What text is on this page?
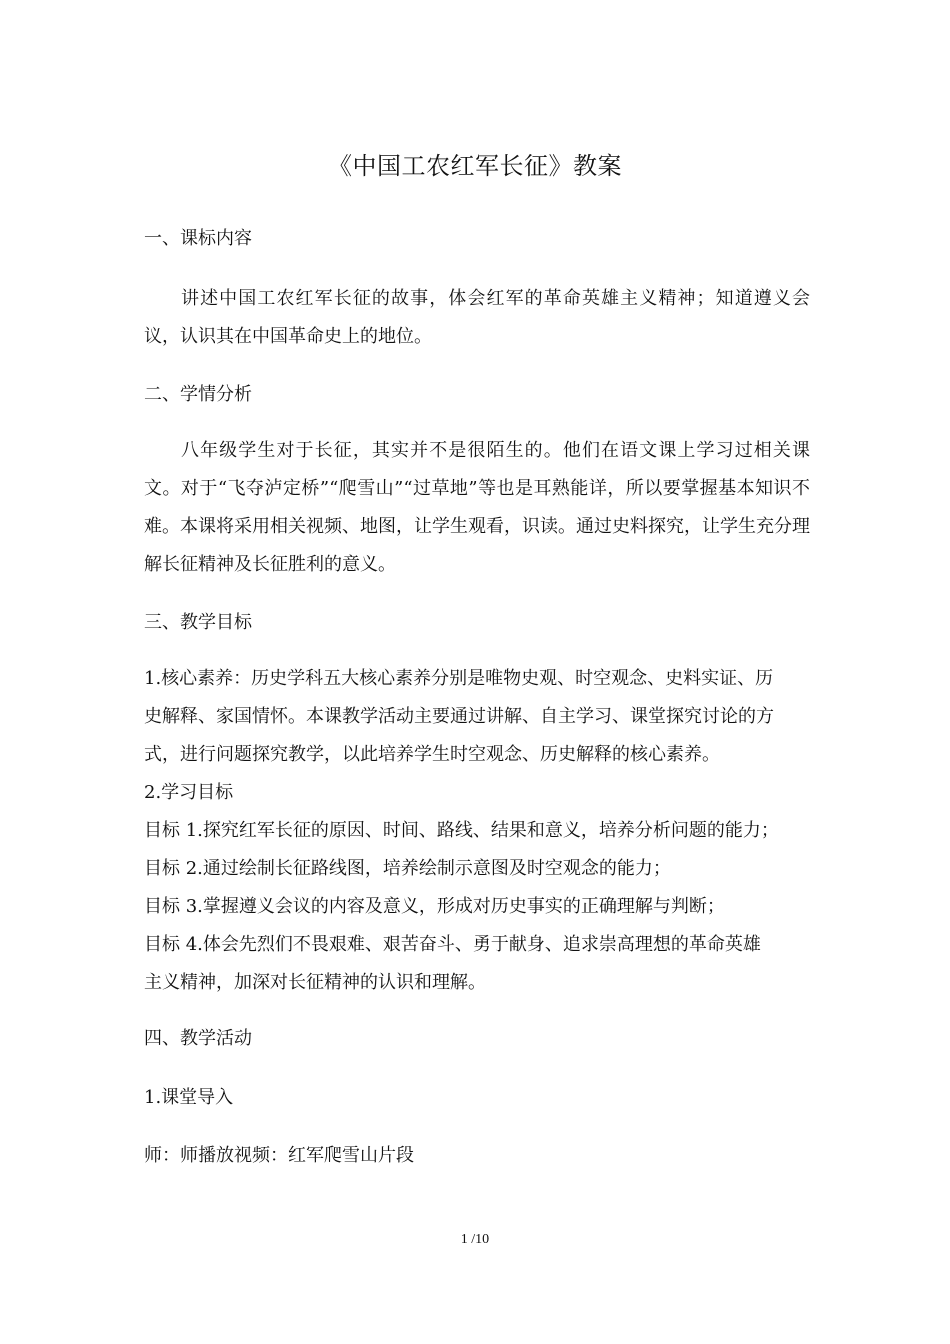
《中国工农红军长征》教案
一、课标内容
讲述中国工农红军长征的故事，体会红军的革命英雄主义精神；知道遵义会议，认识其在中国革命史上的地位。
二、学情分析
八年级学生对于长征，其实并不是很陌生的。他们在语文课上学习过相关课文。对于“飞夺泸定桥”“爬雪山”“过草地”等也是耳熟能详，所以要掌握基本知识不难。本课将采用相关视频、地图，让学生观看，识读。通过史料探究，让学生充分理解长征精神及长征胜利的意义。
三、教学目标
1.核心素养：历史学科五大核心素养分别是唯物史观、时空观念、史料实证、历
史解释、家国情怀。本课教学活动主要通过讲解、自主学习、课堂探究讨论的方
式，进行问题探究教学，以此培养学生时空观念、历史解释的核心素养。
2.学习目标
目标 1.探究红军长征的原因、时间、路线、结果和意义，培养分析问题的能力；
目标 2.通过绘制长征路线图，培养绘制示意图及时空观念的能力；
目标 3.掌握遵义会议的内容及意义，形成对历史事实的正确理解与判断；
目标 4.体会先烈们不畏艰难、艰苦奋斗、勇于献身、追求崇高理想的革命英雄
主义精神，加深对长征精神的认识和理解。
四、教学活动
1.课堂导入
师：师播放视频：红军爬雪山片段
1 /10
